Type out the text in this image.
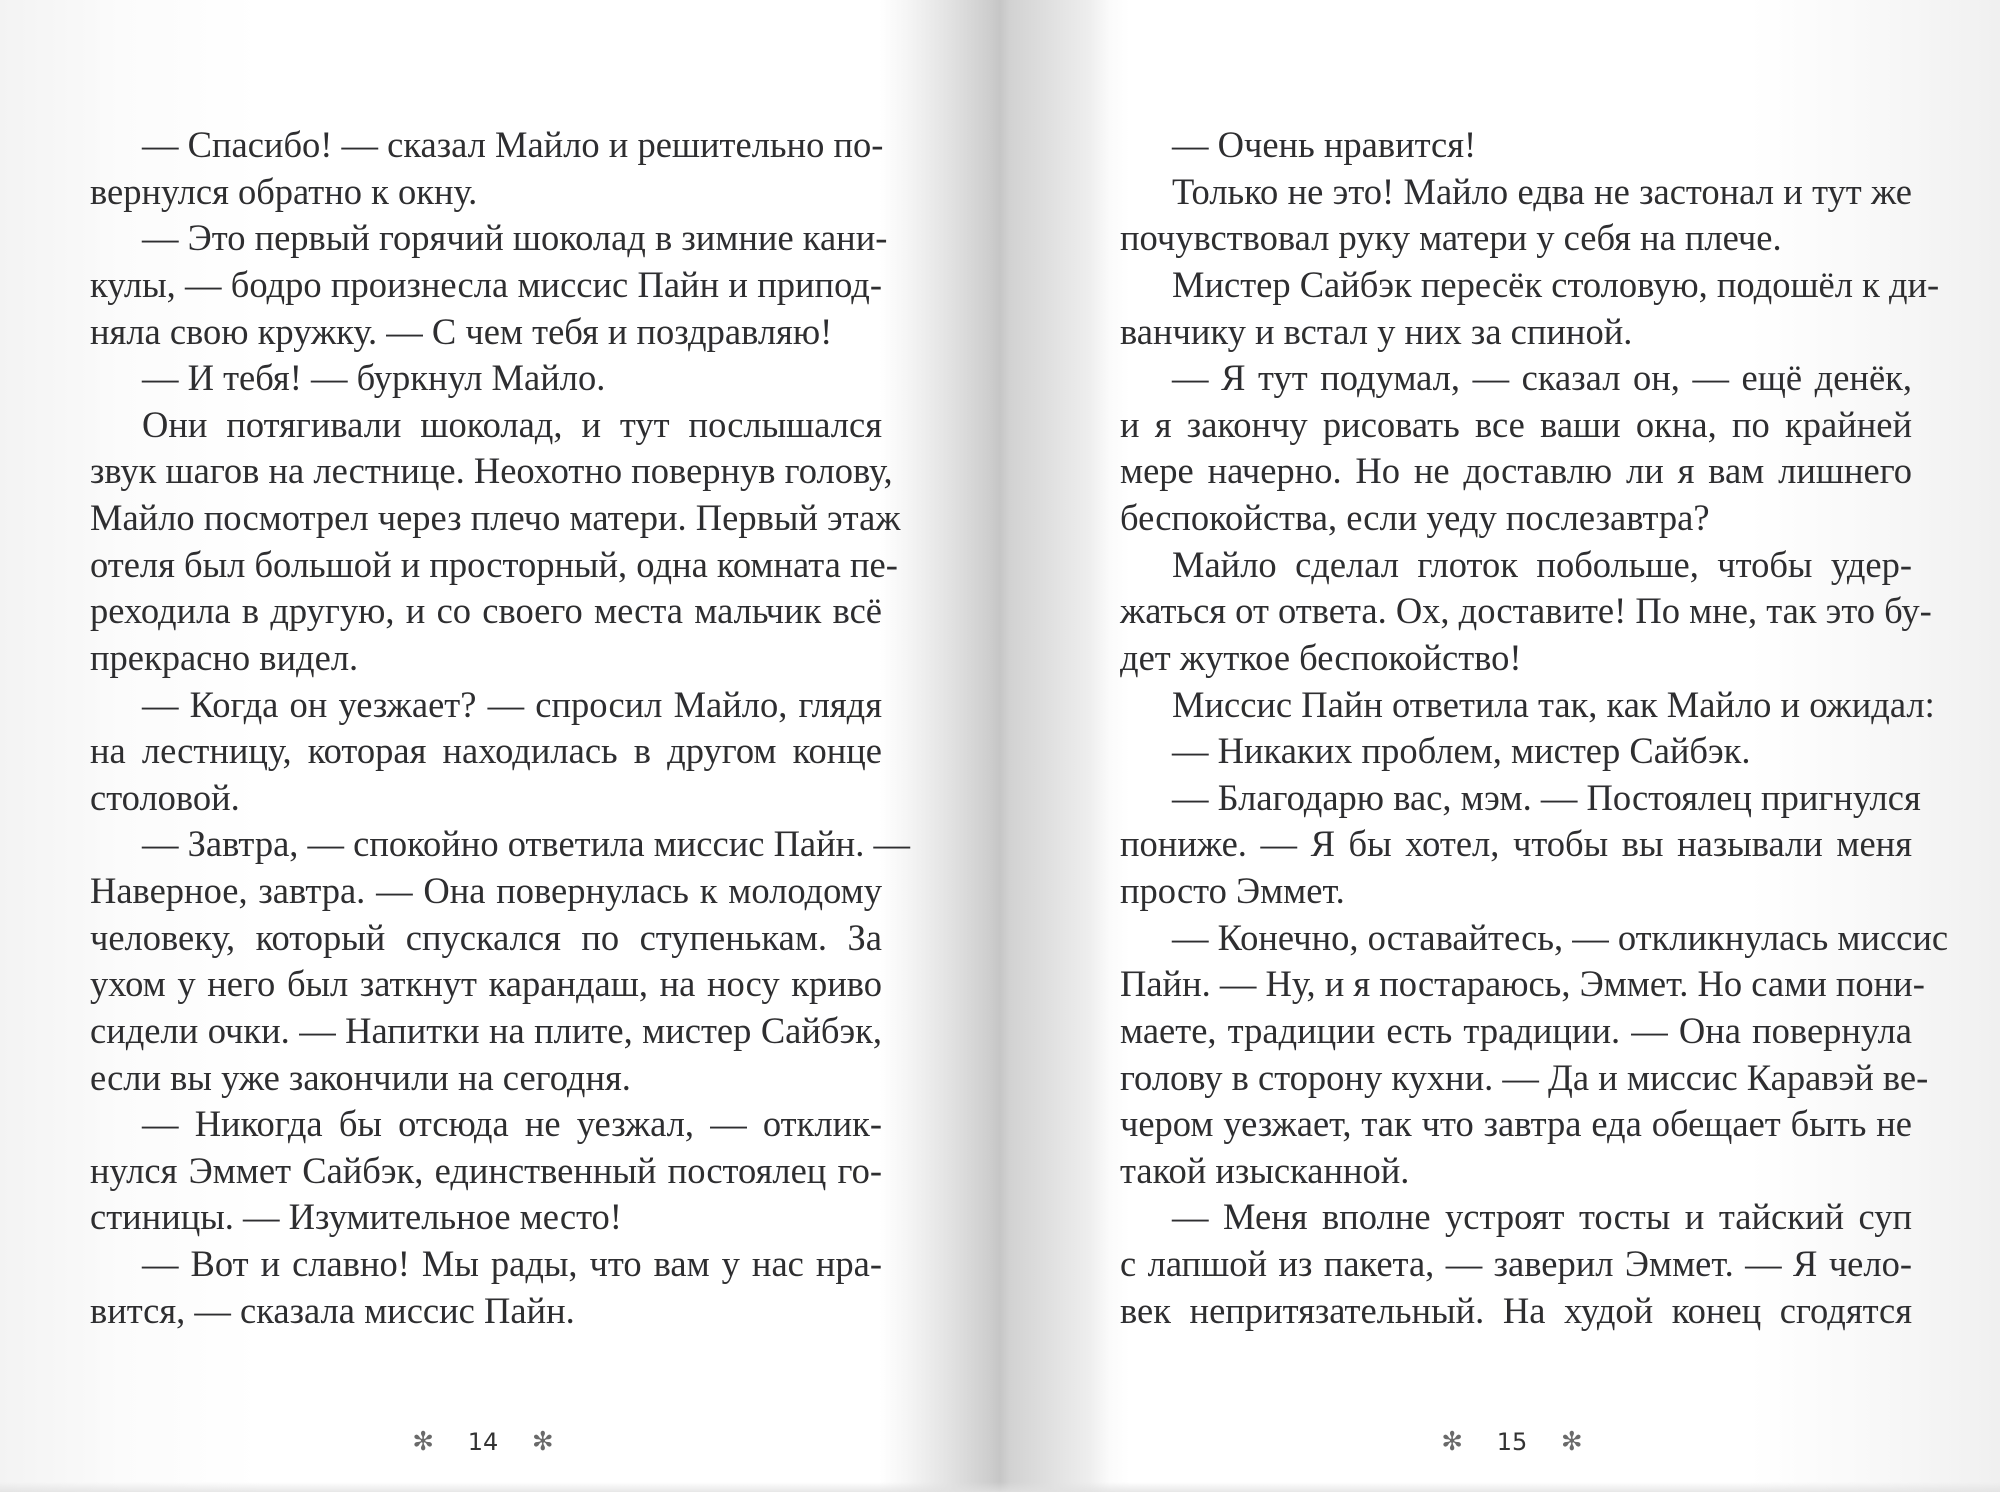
— Спасибо! — сказал Майло и решительно по-
вернулся обратно к окну.
— Это первый горячий шоколад в зимние кани-
кулы, — бодро произнесла миссис Пайн и припод-
няла свою кружку. — С чем тебя и поздравляю!
— И тебя! — буркнул Майло.
Они потягивали шоколад, и тут послышался
звук шагов на лестнице. Неохотно повернув голову,
Майло посмотрел через плечо матери. Первый этаж
отеля был большой и просторный, одна комната пе-
реходила в другую, и со своего места мальчик всё
прекрасно видел.
— Когда он уезжает? — спросил Майло, глядя
на лестницу, которая находилась в другом конце
столовой.
— Завтра, — спокойно ответила миссис Пайн. —
Наверное, завтра. — Она повернулась к молодому
человеку, который спускался по ступенькам. За
ухом у него был заткнут карандаш, на носу криво
сидели очки. — Напитки на плите, мистер Сайбэк,
если вы уже закончили на сегодня.
— Никогда бы отсюда не уезжал, — отклик-
нулся Эммет Сайбэк, единственный постоялец го-
стиницы. — Изумительное место!
— Вот и славно! Мы рады, что вам у нас нра-
вится, — сказала миссис Пайн.
✻ 14 ✻
— Очень нравится!
Только не это! Майло едва не застонал и тут же
почувствовал руку матери у себя на плече.
Мистер Сайбэк пересёк столовую, подошёл к ди-
ванчику и встал у них за спиной.
— Я тут подумал, — сказал он, — ещё денёк,
и я закончу рисовать все ваши окна, по крайней
мере начерно. Но не доставлю ли я вам лишнего
беспокойства, если уеду послезавтра?
Майло сделал глоток побольше, чтобы удер-
жаться от ответа. Ох, доставите! По мне, так это бу-
дет жуткое беспокойство!
Миссис Пайн ответила так, как Майло и ожидал:
— Никаких проблем, мистер Сайбэк.
— Благодарю вас, мэм. — Постоялец пригнулся
пониже. — Я бы хотел, чтобы вы называли меня
просто Эммет.
— Конечно, оставайтесь, — откликнулась миссис
Пайн. — Ну, и я постараюсь, Эммет. Но сами пони-
маете, традиции есть традиции. — Она повернула
голову в сторону кухни. — Да и миссис Каравэй ве-
чером уезжает, так что завтра еда обещает быть не
такой изысканной.
— Меня вполне устроят тосты и тайский суп
с лапшой из пакета, — заверил Эммет. — Я чело-
век непритязательный. На худой конец сгодятся
✻ 15 ✻
